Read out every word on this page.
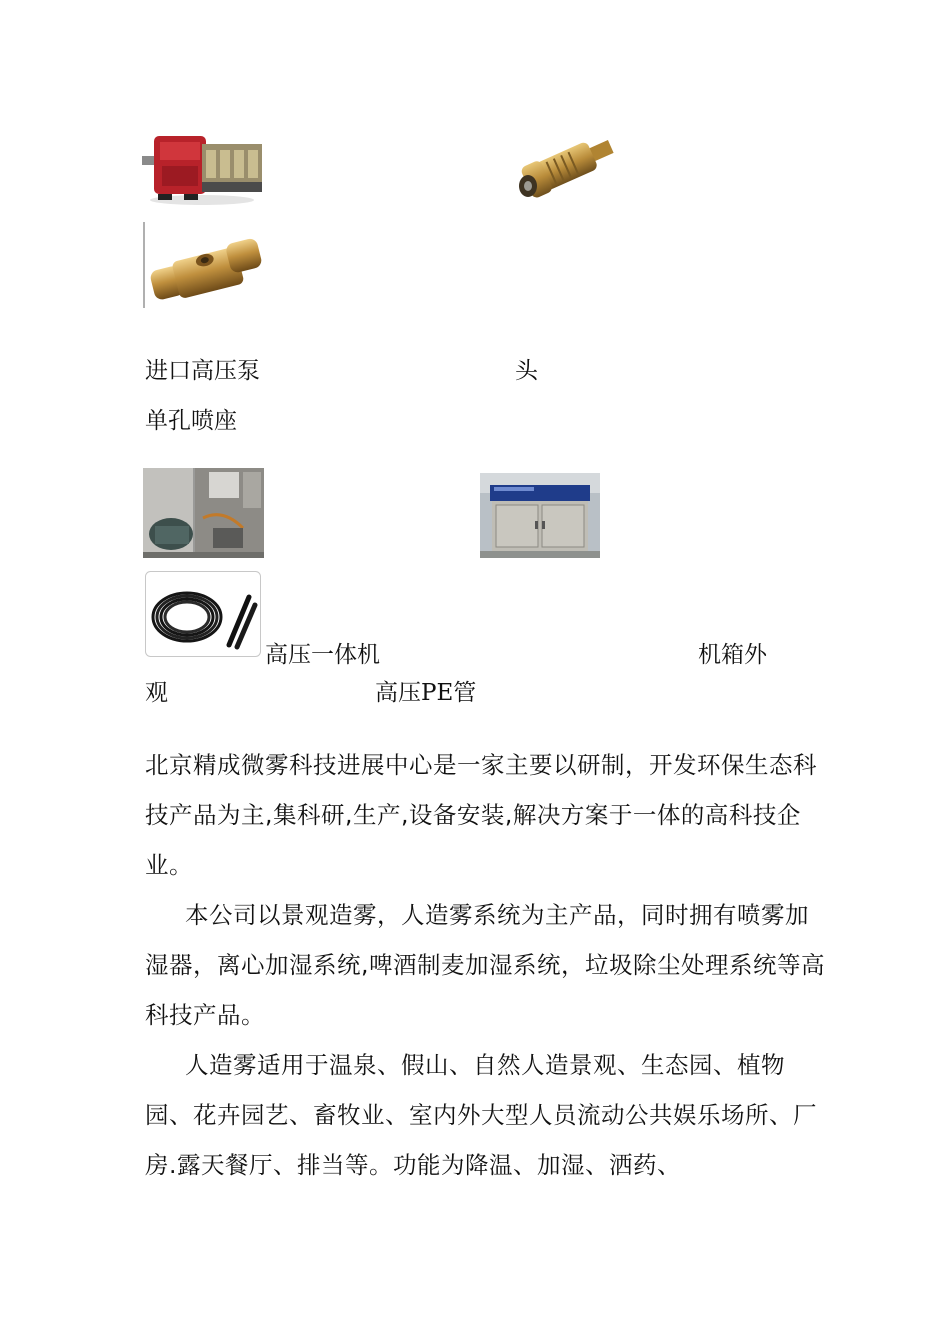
进口高压泵	头
单孔喷座
高压一体机	机箱外
观	高压PE管

北京精成微雾科技进展中心是一家主要以研制，开发环保生态科技产品为主,集科研,生产,设备安装,解决方案于一体的高科技企业。

本公司以景观造雾，人造雾系统为主产品，同时拥有喷雾加湿器，离心加湿系统,啤酒制麦加湿系统，垃圾除尘处理系统等高科技产品。

人造雾适用于温泉、假山、自然人造景观、生态园、植物园、花卉园艺、畜牧业、室内外大型人员流动公共娱乐场所、厂房.露天餐厅、排当等。功能为降温、加湿、洒药、
